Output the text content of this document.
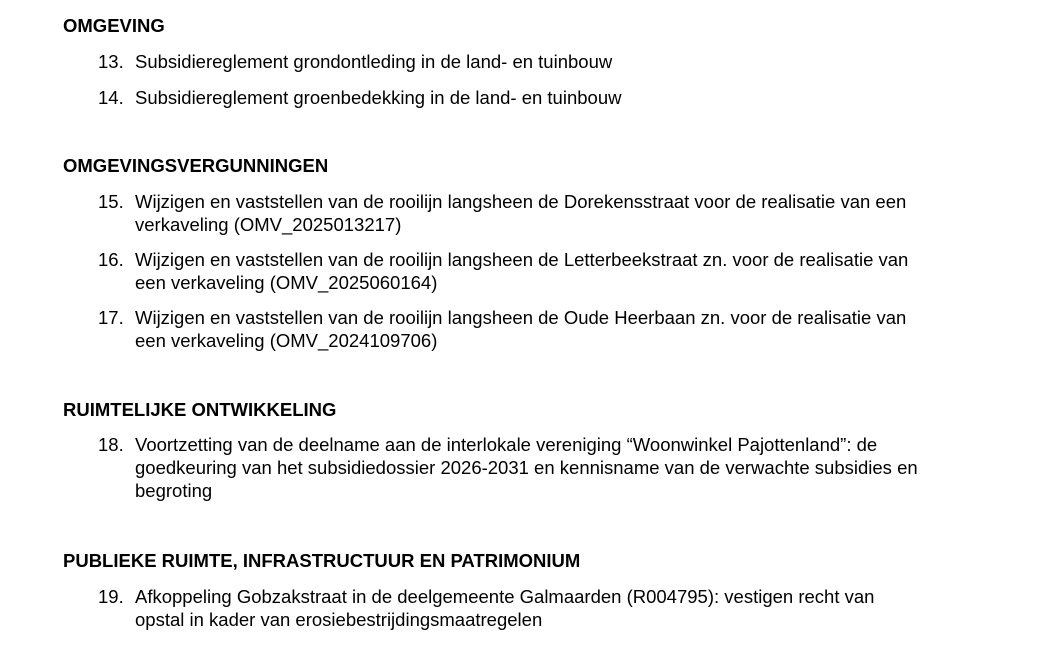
OMGEVING
13. Subsidiereglement grondontleding in de land- en tuinbouw
14. Subsidiereglement groenbedekking in de land- en tuinbouw
OMGEVINGSVERGUNNINGEN
15. Wijzigen en vaststellen van de rooilijn langsheen de Dorekensstraat voor de realisatie van een
verkaveling (OMV_2025013217)
16. Wijzigen en vaststellen van de rooilijn langsheen de Letterbeekstraat zn. voor de realisatie van
een verkaveling (OMV_2025060164)
17. Wijzigen en vaststellen van de rooilijn langsheen de Oude Heerbaan zn. voor de realisatie van
een verkaveling (OMV_2024109706)
RUIMTELIJKE ONTWIKKELING
18. Voortzetting van de deelname aan de interlokale vereniging “Woonwinkel Pajottenland”: de
goedkeuring van het subsidiedossier 2026-2031 en kennisname van de verwachte subsidies en
begroting
PUBLIEKE RUIMTE, INFRASTRUCTUUR EN PATRIMONIUM
19. Afkoppeling Gobzakstraat in de deelgemeente Galmaarden (R004795): vestigen recht van
opstal in kader van erosiebestrijdingsmaatregelen
